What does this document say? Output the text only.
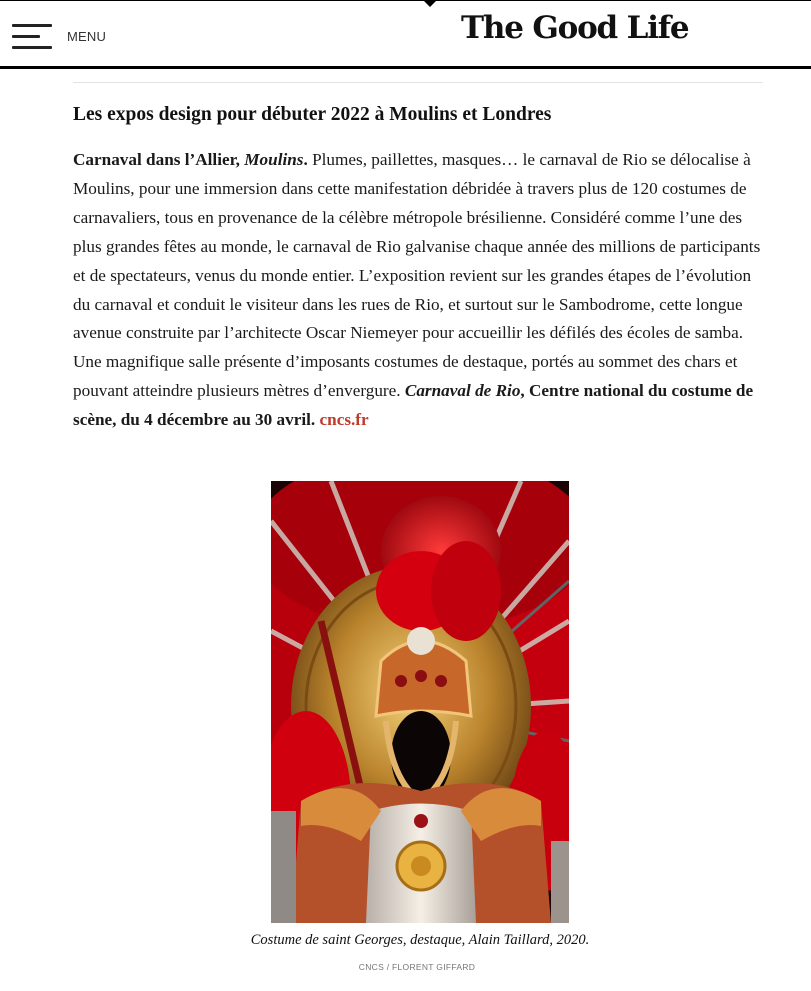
MENU	The Good Life
Les expos design pour débuter 2022 à Moulins et Londres

Carnaval dans l’Allier, Moulins. Plumes, paillettes, masques… le carnaval de Rio se délocalise à Moulins, pour une immersion dans cette manifestation débridée à travers plus de 120 costumes de carnavaliers, tous en provenance de la célèbre métropole brésilienne. Considéré comme l’une des plus grandes fêtes au monde, le carnaval de Rio galvanise chaque année des millions de participants et de spectateurs, venus du monde entier. L’exposition revient sur les grandes étapes de l’évolution du carnaval et conduit le visiteur dans les rues de Rio, et surtout sur le Sambodrome, cette longue avenue construite par l’architecte Oscar Niemeyer pour accueillir les défilés des écoles de samba. Une magnifique salle présente d’imposants costumes de destaque, portés au sommet des chars et pouvant atteindre plusieurs mètres d’envergure. Carnaval de Rio, Centre national du costume de scène, du 4 décembre au 30 avril. cncs.fr

Costume de saint Georges, destaque, Alain Taillard, 2020.
CNCS / FLORENT GIFFARD
